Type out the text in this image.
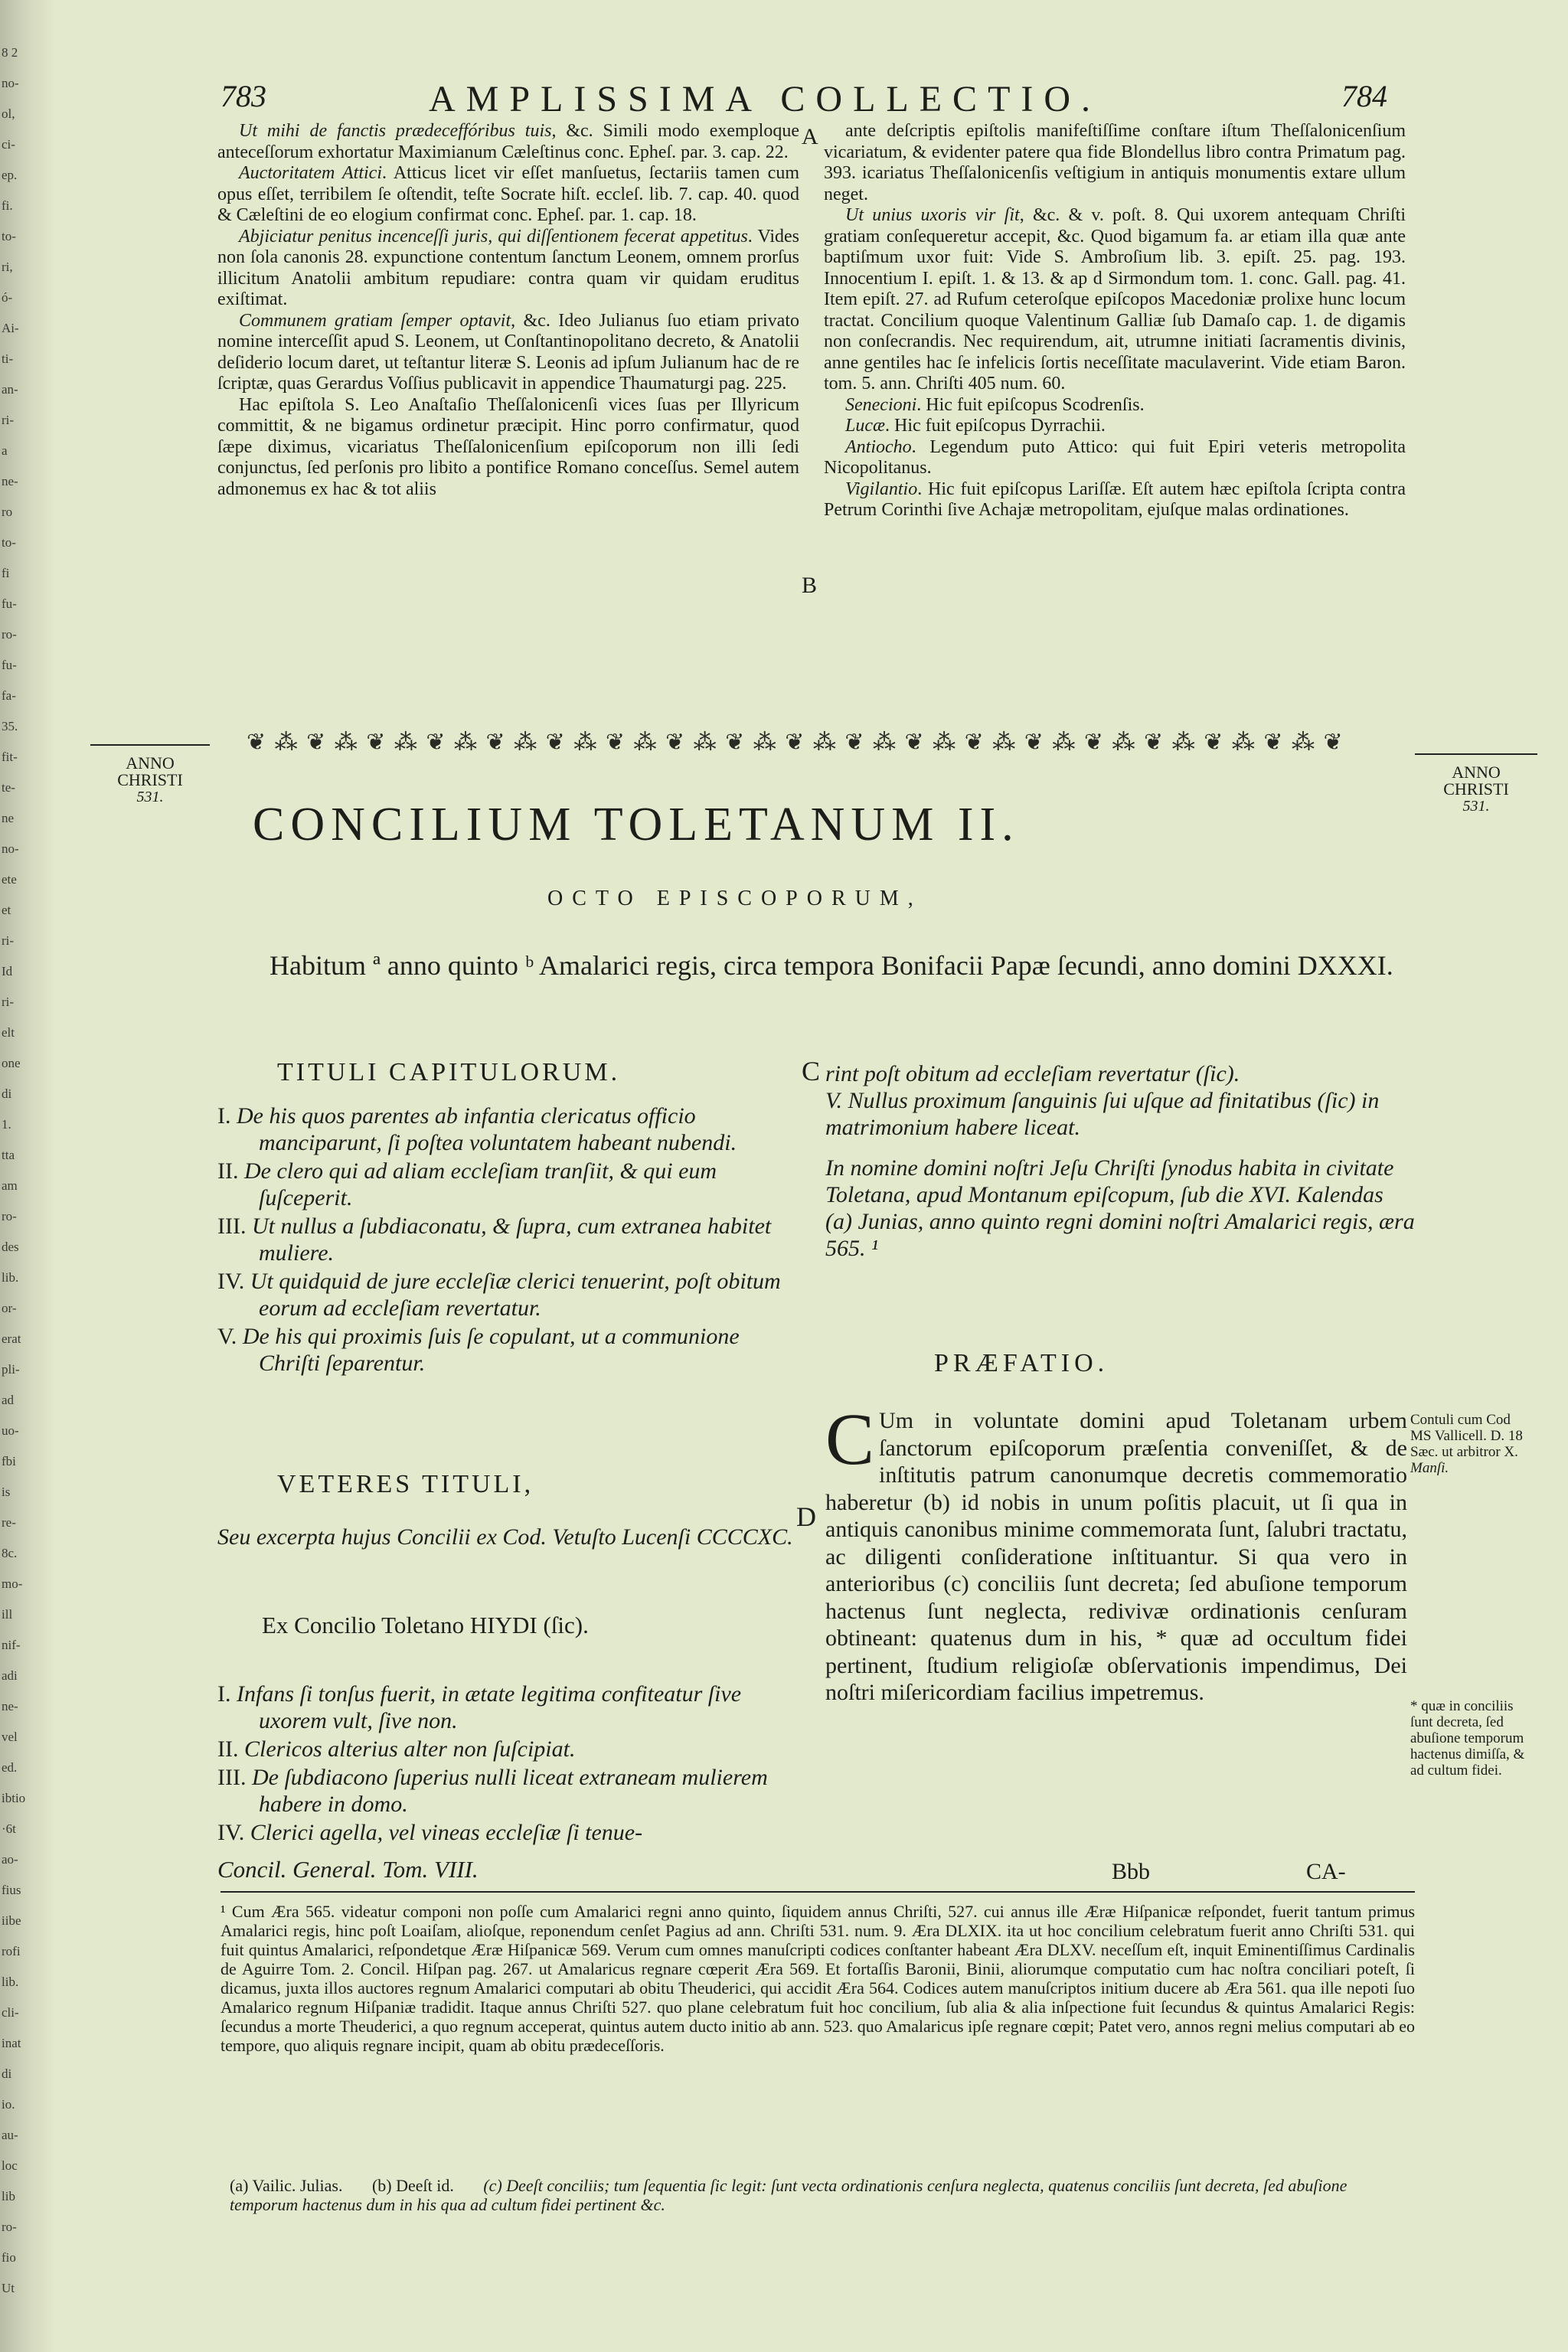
8 2
no-
ol,
ci-
ep.
fi.
to-
ri,
ó-
Ai-
ti-
an-
ri-
a
ne-
ro
to-
fi
fu-
ro-
fu-
fa-
35.
fit-
te-
ne
no-
ete
et
ri-
Id
ri-
elt
one
di
1.
tta
am
ro-
des
lib.
or-
erat
pli-
ad
uo-
fbi
is
re-
8c.
mo-
ill
nif-
adi
ne-
vel
ed.
ibtio
·6t
ao-
fius
iibe
rofi
lib.
cli-
inat
di
io.
au-
loc
lib
ro-
fio
Ut
783	AMPLISSIMA COLLECTIO.	784

Ut mihi de fanctis prædeceffóribus tuis, &c. Simili modo exemploque anteceſſorum exhortatur Maximianum Cæleſtinus conc. Epheſ. par. 3. cap. 22.

Auctoritatem Attici. Atticus licet vir eſſet manſuetus, ſectariis tamen cum opus eſſet, terribilem ſe oſtendit, teſte Socrate hiſt. eccleſ. lib. 7. cap. 40. quod & Cæleſtini de eo elogium confirmat conc. Epheſ. par. 1. cap. 18.

Abjiciatur penitus incenceſſi juris, qui diſſentionem fecerat appetitus. Vides non ſola canonis 28. expunctione contentum ſanctum Leonem, omnem prorſus illicitum Anatolii ambitum repudiare: contra quam vir quidam eruditus exiſtimat.

Communem gratiam ſemper optavit, &c. Ideo Julianus ſuo etiam privato nomine interceſſit apud S. Leonem, ut Conſtantinopolitano decreto, & Anatolii deſiderio locum daret, ut teſtantur literæ S. Leonis ad ipſum Julianum hac de re ſcriptæ, quas Gerardus Voſſius publicavit in appendice Thaumaturgi pag. 225.

Hac epiſtola S. Leo Anaſtaſio Theſſalonicenſi vices ſuas per Illyricum committit, & ne bigamus ordinetur præcipit. Hinc porro confirmatur, quod ſæpe diximus, vicariatus Theſſalonicenſium epiſcoporum non illi ſedi conjunctus, ſed perſonis pro libito a pontifice Romano conceſſus. Semel autem admonemus ex hac & tot aliis

ante deſcriptis epiſtolis manifeſtiſſime conſtare iſtum Theſſalonicenſium vicariatum, & evidenter patere qua fide Blondellus libro contra Primatum pag. 393. icariatus Theſſalonicenſis veſtigium in antiquis monumentis extare ullum neget.

Ut unius uxoris vir ſit, &c. & v. poſt. 8. Qui uxorem antequam Chriſti gratiam conſequeretur accepit, &c. Quod bigamum fa. ar etiam illa quæ ante baptiſmum uxor fuit: Vide S. Ambroſium lib. 3. epiſt. 25. pag. 193. Innocentium I. epiſt. 1. & 13. & ap d Sirmondum tom. 1. conc. Gall. pag. 41. Item epiſt. 27. ad Rufum ceteroſque epiſcopos Macedoniæ prolixe hunc locum tractat. Concilium quoque Valentinum Galliæ ſub Damaſo cap. 1. de digamis non conſecrandis. Nec requirendum, ait, utrumne initiati ſacramentis divinis, anne gentiles hac ſe infelicis ſortis neceſſitate maculaverint. Vide etiam Baron. tom. 5. ann. Chriſti 405 num. 60.

Senecioni. Hic fuit epiſcopus Scodrenſis.

Lucæ. Hic fuit epiſcopus Dyrrachii.

Antiocho. Legendum puto Attico: qui fuit Epiri veteris metropolita Nicopolitanus.

Vigilantio. Hic fuit epiſcopus Lariſſæ. Eſt autem hæc epiſtola ſcripta contra Petrum Corinthi ſive Achajæ metropolitam, ejuſque malas ordinationes.

A
B
❦ ⁂ ❦ ⁂ ❦ ⁂ ❦ ⁂ ❦ ⁂ ❦ ⁂ ❦ ⁂ ❦ ⁂ ❦ ⁂ ❦ ⁂ ❦ ⁂ ❦ ⁂ ❦ ⁂ ❦ ⁂ ❦ ⁂ ❦ ⁂ ❦ ⁂ ❦ ⁂ ❦
ANNO
CHRISTI
531.
ANNO
CHRISTI
531.
CONCILIUM TOLETANUM II.
OCTO EPISCOPORUM,
Habitum ª anno quinto ᵇ Amalarici regis, circa tempora Bonifacii Papæ ſecundi, anno domini DXXXI.
TITULI CAPITULORUM.	C
I. De his quos parentes ab infantia clericatus officio manciparunt, ſi poſtea voluntatem habeant nubendi.
II. De clero qui ad aliam eccleſiam tranſiit, & qui eum ſuſceperit.
III. Ut nullus a ſubdiaconatu, & ſupra, cum extranea habitet muliere.
IV. Ut quidquid de jure eccleſiæ clerici tenuerint, poſt obitum eorum ad eccleſiam revertatur.
V. De his qui proximis ſuis ſe copulant, ut a communione Chriſti ſeparentur.
VETERES TITULI,
Seu excerpta hujus Concilii ex Cod. Vetuſto Lucenſi CCCCXC.
Ex Concilio Toletano HIYDI (ſic).
I. Infans ſi tonſus fuerit, in ætate legitima confiteatur ſive uxorem vult, ſive non.
II. Clericos alterius alter non ſuſcipiat.
III. De ſubdiacono ſuperius nulli liceat extraneam mulierem habere in domo.
IV. Clerici agella, vel vineas eccleſiæ ſi tenue-
Concil. General. Tom. VIII.
D
rint poſt obitum ad eccleſiam revertatur (ſic).
V. Nullus proximum ſanguinis ſui uſque ad finitatibus (ſic) in matrimonium habere liceat.
In nomine domini noſtri Jeſu Chriſti ſynodus habita in civitate Toletana, apud Montanum epiſcopum, ſub die XVI. Kalendas (a) Junias, anno quinto regni domini noſtri Amalarici regis, æra 565. ¹
PRÆFATIO.
C Um in voluntate domini apud Toletanam urbem ſanctorum epiſcoporum præſentia conveniſſet, & de inſtitutis patrum canonumque decretis commemoratio haberetur (b) id nobis in unum poſitis placuit, ut ſi qua in antiquis canonibus minime commemorata ſunt, ſalubri tractatu, ac diligenti conſideratione inſtituantur. Si qua vero in anterioribus (c) conciliis ſunt decreta; ſed abuſione temporum hactenus ſunt neglecta, redivivæ ordinationis cenſuram obtineant: quatenus dum in his, * quæ ad occultum fidei pertinent, ſtudium religioſæ obſervationis impendimus, Dei noſtri miſericordiam facilius impetremus.
Contuli cum Cod MS Vallicell. D. 18 Sæc. ut arbitror X. Manſi.
* quæ in conciliis ſunt decreta, ſed abuſione temporum hactenus dimiſſa, & ad cultum fidei.
Bbb	CA-

¹ Cum Æra 565. videatur componi non poſſe cum Amalarici regni anno quinto, ſiquidem annus Chriſti, 527. cui annus ille Æræ Hiſpanicæ reſpondet, fuerit tantum primus Amalarici regis, hinc poſt Loaiſam, alioſque, reponendum cenſet Pagius ad ann. Chriſti 531. num. 9. Æra DLXIX. ita ut hoc concilium celebratum fuerit anno Chriſti 531. qui fuit quintus Amalarici, reſpondetque Æræ Hiſpanicæ 569. Verum cum omnes manuſcripti codices conſtanter habeant Æra DLXV. neceſſum eſt, inquit Eminentiſſimus Cardinalis de Aguirre Tom. 2. Concil. Hiſpan pag. 267. ut Amalaricus regnare cœperit Æra 569. Et fortaſſis Baronii, Binii, aliorumque computatio cum hac noſtra conciliari poteſt, ſi dicamus, juxta illos auctores regnum Amalarici computari ab obitu Theuderici, qui accidit Æra 564. Codices autem manuſcriptos initium ducere ab Æra 561. qua ille nepoti ſuo Amalarico regnum Hiſpaniæ tradidit. Itaque annus Chriſti 527. quo plane celebratum fuit hoc concilium, ſub alia & alia inſpectione fuit ſecundus & quintus Amalarici Regis: ſecundus a morte Theuderici, a quo regnum acceperat, quintus autem ducto initio ab ann. 523. quo Amalaricus ipſe regnare cœpit; Patet vero, annos regni melius computari ab eo tempore, quo aliquis regnare incipit, quam ab obitu prædeceſſoris.

(a) Vailic. Julias. (b) Deeſt id. (c) Deeſt conciliis; tum ſequentia ſic legit: ſunt vecta ordinationis cenſura neglecta, quatenus conciliis ſunt decreta, ſed abuſione temporum hactenus dum in his qua ad cultum fidei pertinent &c.
